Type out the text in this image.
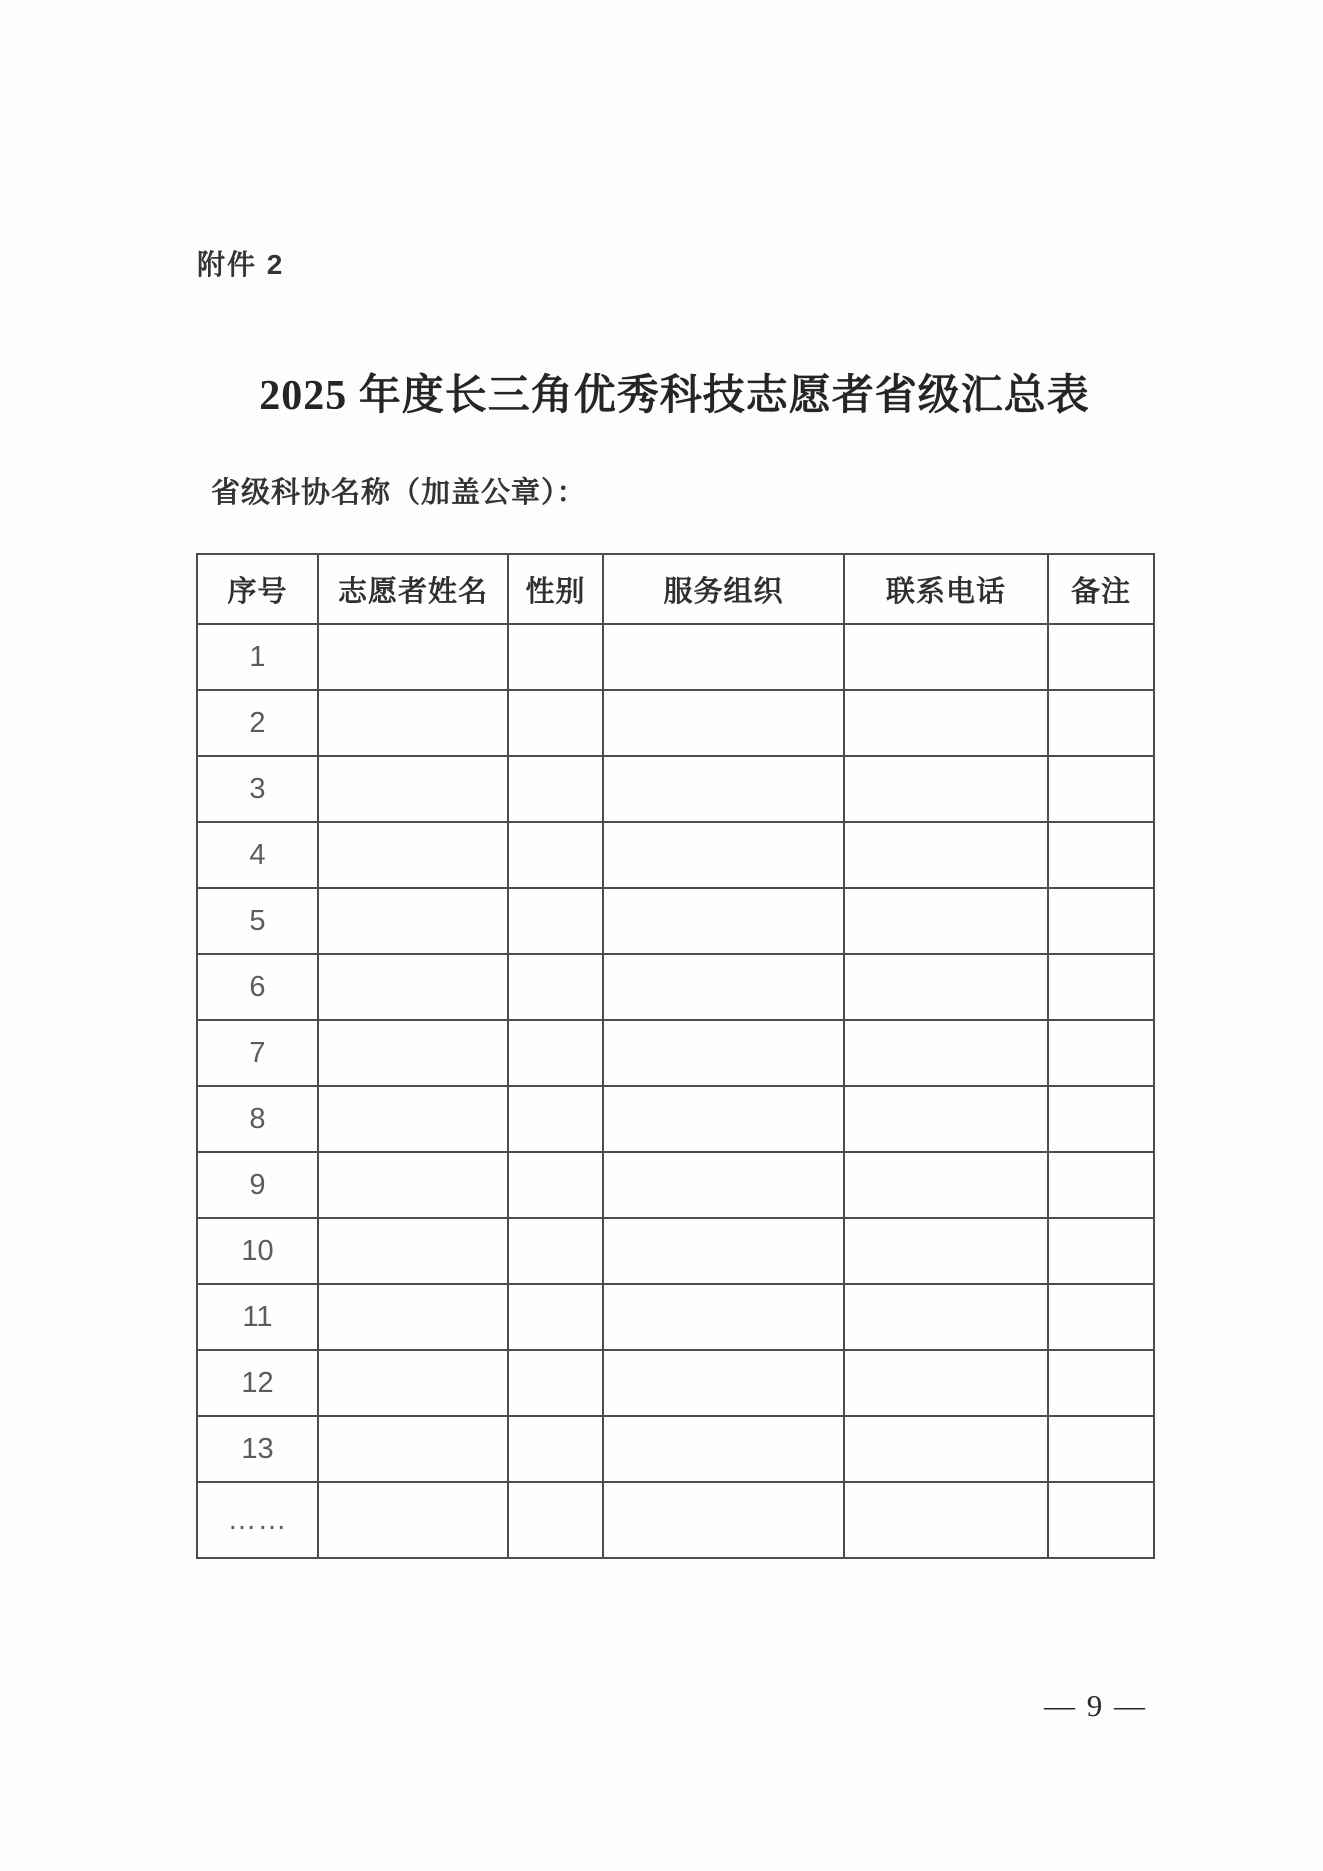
附件 2
2025 年度长三角优秀科技志愿者省级汇总表
省级科协名称（加盖公章）：
序号	志愿者姓名	性别	服务组织	联系电话	备注
1					
2					
3					
4					
5					
6					
7					
8					
9					
10					
11					
12					
13					
……					
— 9 —
